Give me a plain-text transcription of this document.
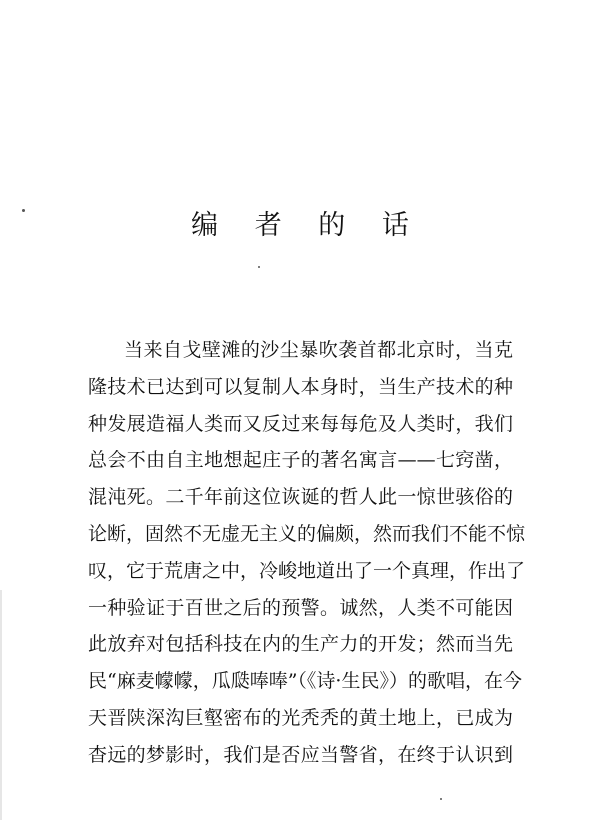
编 者 的 话
当来自戈壁滩的沙尘暴吹袭首都北京时，当克
隆技术已达到可以复制人本身时，当生产技术的种
种发展造福人类而又反过来每每危及人类时，我们
总会不由自主地想起庄子的著名寓言——七窍凿，
混沌死。二千年前这位诙诞的哲人此一惊世骇俗的
论断，固然不无虚无主义的偏颇，然而我们不能不惊
叹，它于荒唐之中，冷峻地道出了一个真理，作出了
一种验证于百世之后的预警。诚然，人类不可能因
此放弃对包括科技在内的生产力的开发；然而当先
民“麻麦幪幪，瓜瓞唪唪”（《诗·生民》）的歌唱，在今
天晋陕深沟巨壑密布的光秃秃的黄土地上，已成为
杳远的梦影时，我们是否应当警省，在终于认识到
